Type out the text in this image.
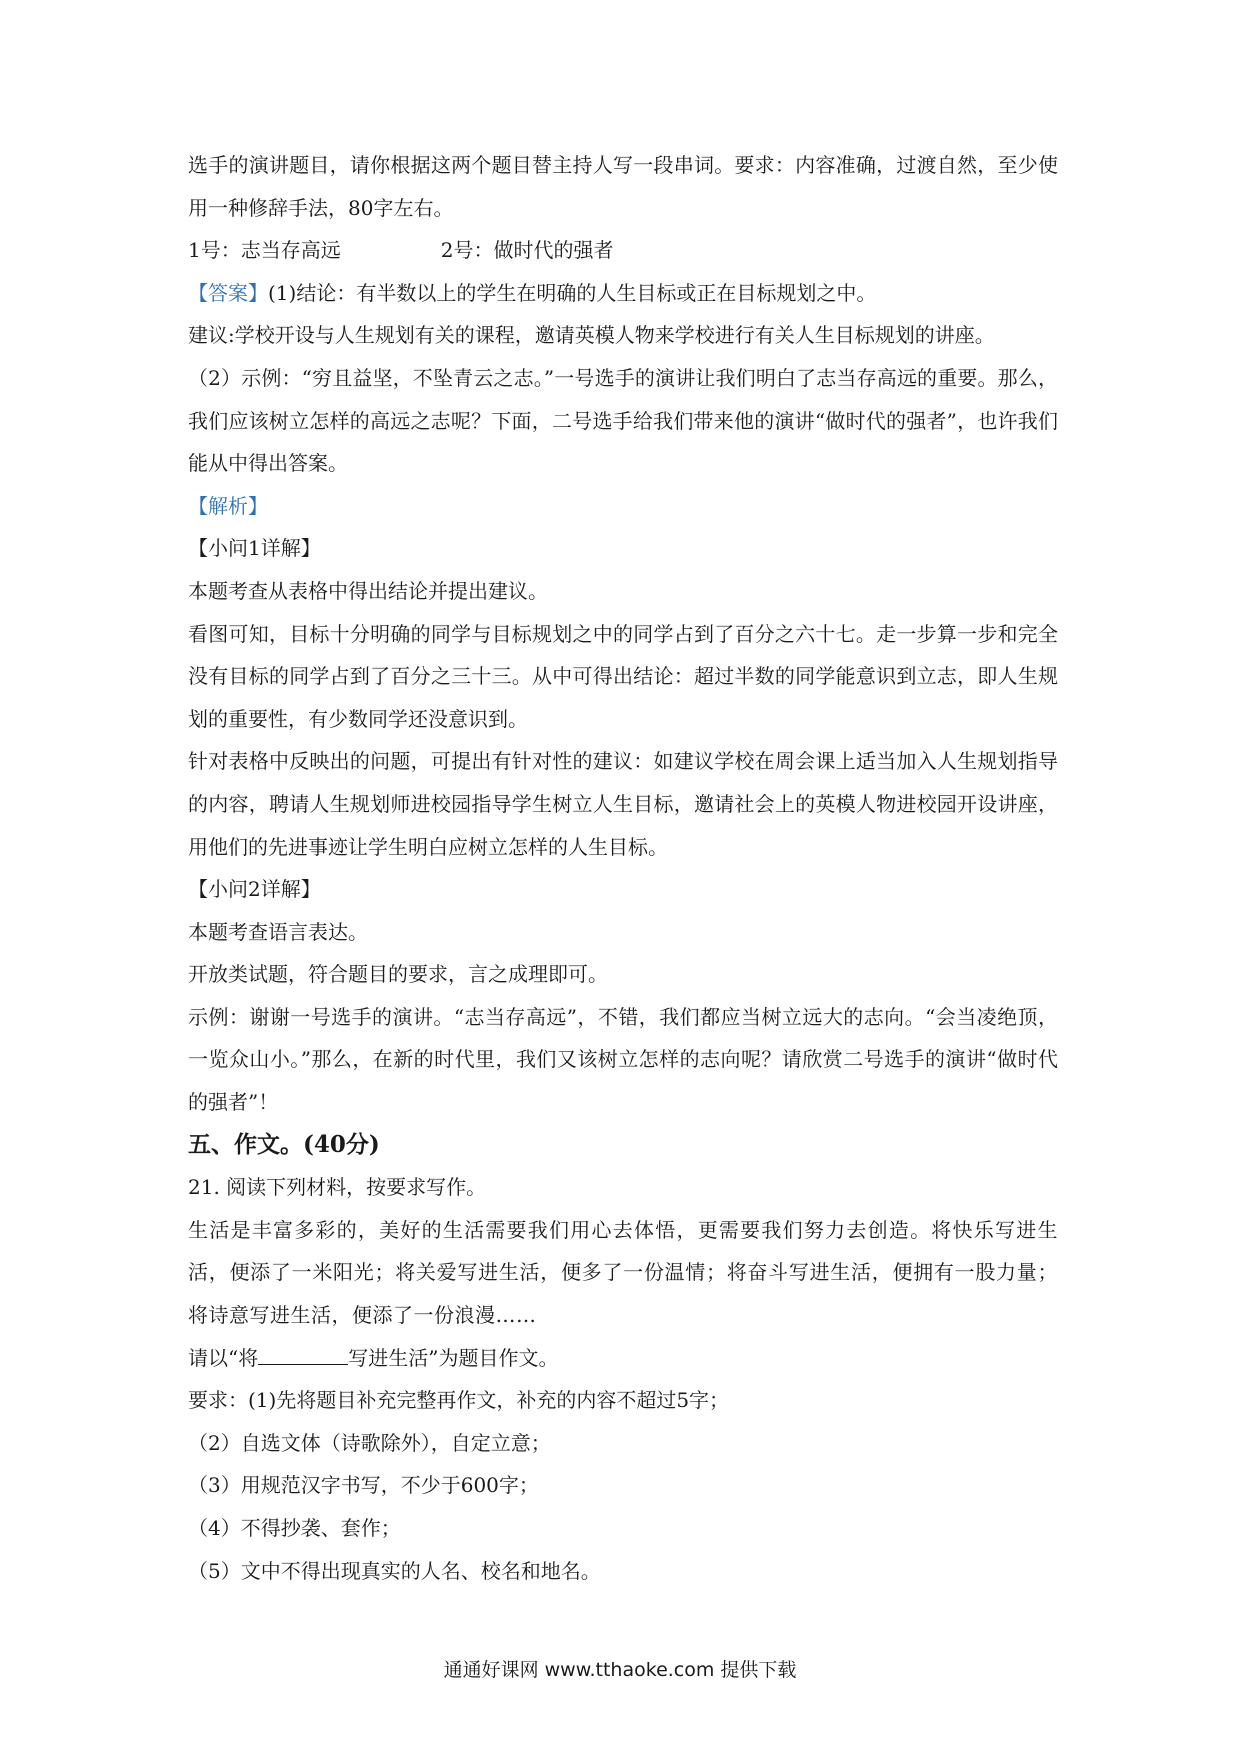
选手的演讲题目，请你根据这两个题目替主持人写一段串词。要求：内容准确，过渡自然，至少使用一种修辞手法，80字左右。

1号：志当存高远	2号：做时代的强者

【答案】(1)结论：有半数以上的学生在明确的人生目标或正在目标规划之中。

建议:学校开设与人生规划有关的课程，邀请英模人物来学校进行有关人生目标规划的讲座。

（2）示例：“穷且益坚，不坠青云之志。”一号选手的演讲让我们明白了志当存高远的重要。那么，我们应该树立怎样的高远之志呢？下面，二号选手给我们带来他的演讲“做时代的强者”，也许我们能从中得出答案。

【解析】

【小问1详解】

本题考查从表格中得出结论并提出建议。

看图可知，目标十分明确的同学与目标规划之中的同学占到了百分之六十七。走一步算一步和完全没有目标的同学占到了百分之三十三。从中可得出结论：超过半数的同学能意识到立志，即人生规划的重要性，有少数同学还没意识到。

针对表格中反映出的问题，可提出有针对性的建议：如建议学校在周会课上适当加入人生规划指导的内容，聘请人生规划师进校园指导学生树立人生目标，邀请社会上的英模人物进校园开设讲座，用他们的先进事迹让学生明白应树立怎样的人生目标。

【小问2详解】

本题考查语言表达。

开放类试题，符合题目的要求，言之成理即可。

示例：谢谢一号选手的演讲。“志当存高远”，不错，我们都应当树立远大的志向。“会当凌绝顶，一览众山小。”那么，在新的时代里，我们又该树立怎样的志向呢？请欣赏二号选手的演讲“做时代的强者”！

五、作文。(40分)

21. 阅读下列材料，按要求写作。

生活是丰富多彩的，美好的生活需要我们用心去体悟，更需要我们努力去创造。将快乐写进生活，便添了一米阳光；将关爱写进生活，便多了一份温情；将奋斗写进生活，便拥有一股力量；将诗意写进生活，便添了一份浪漫……

请以“将	写进生活”为题目作文。

要求：(1)先将题目补充完整再作文，补充的内容不超过5字；

（2）自选文体（诗歌除外），自定立意；

（3）用规范汉字书写，不少于600字；

（4）不得抄袭、套作；

（5）文中不得出现真实的人名、校名和地名。

通通好课网 www.tthaoke.com 提供下载
